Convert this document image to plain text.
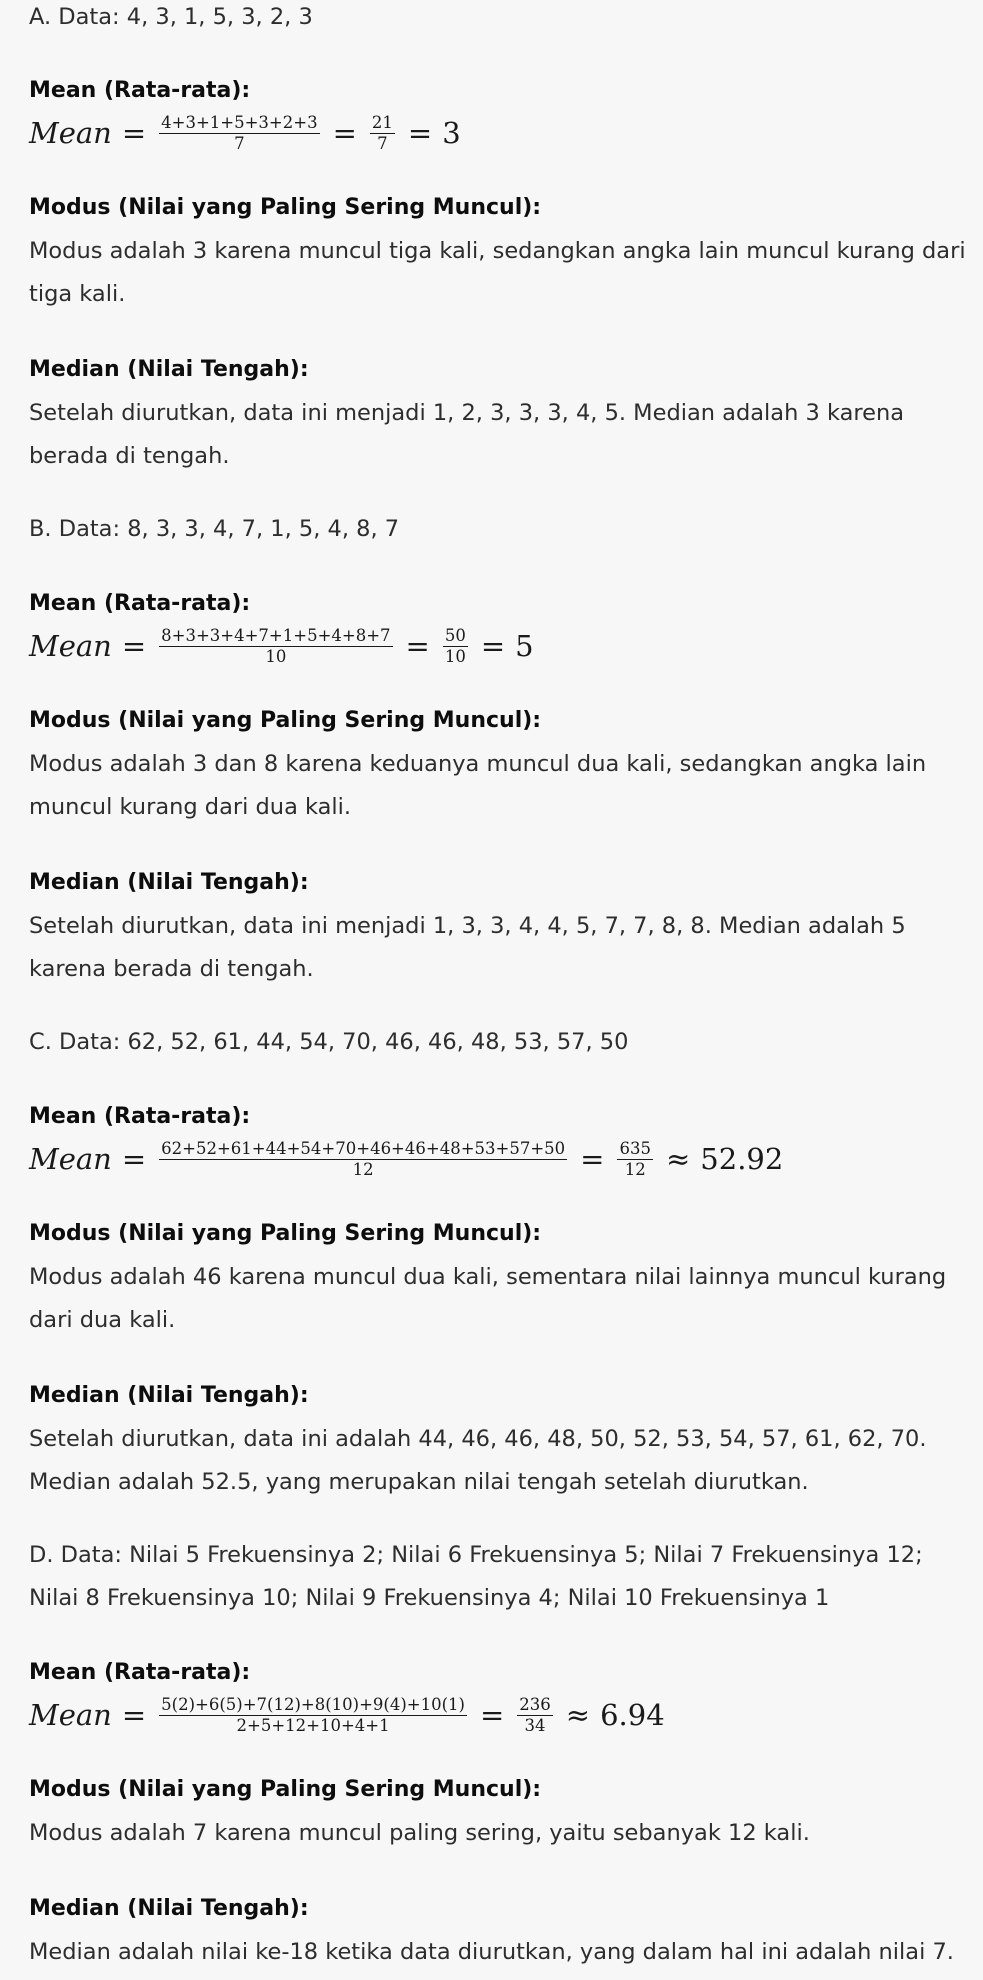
A. Data: 4, 3, 1, 5, 3, 2, 3
Mean (Rata-rata):
Mean = $\frac{4+3+1+5+3+2+3}{7} = \frac{21}{7} = 3$
Modus (Nilai yang Paling Sering Muncul):
Modus adalah 3 karena muncul tiga kali, sedangkan angka lain muncul kurang dari tiga kali.
Median (Nilai Tengah):
Setelah diurutkan, data ini menjadi 1, 2, 3, 3, 3, 4, 5. Median adalah 3 karena berada di tengah.
B. Data: 8, 3, 3, 4, 7, 1, 5, 4, 8, 7
Mean (Rata-rata):
Mean = $\frac{8+3+3+4+7+1+5+4+8+7}{10} = \frac{50}{10} = 5$
Modus (Nilai yang Paling Sering Muncul):
Modus adalah 3 dan 8 karena keduanya muncul dua kali, sedangkan angka lain muncul kurang dari dua kali.
Median (Nilai Tengah):
Setelah diurutkan, data ini menjadi 1, 3, 3, 4, 4, 5, 7, 7, 8, 8. Median adalah 5 karena berada di tengah.
C. Data: 62, 52, 61, 44, 54, 70, 46, 46, 48, 53, 57, 50
Mean (Rata-rata):
Mean = $\frac{62+52+61+44+54+70+46+46+48+53+57+50}{12} = \frac{635}{12} \approx 52.92$
Modus (Nilai yang Paling Sering Muncul):
Modus adalah 46 karena muncul dua kali, sementara nilai lainnya muncul kurang dari dua kali.
Median (Nilai Tengah):
Setelah diurutkan, data ini adalah 44, 46, 46, 48, 50, 52, 53, 54, 57, 61, 62, 70. Median adalah 52.5, yang merupakan nilai tengah setelah diurutkan.
D. Data: Nilai 5 Frekuensinya 2; Nilai 6 Frekuensinya 5; Nilai 7 Frekuensinya 12; Nilai 8 Frekuensinya 10; Nilai 9 Frekuensinya 4; Nilai 10 Frekuensinya 1
Mean (Rata-rata):
Mean = $\frac{5(2)+6(5)+7(12)+8(10)+9(4)+10(1)}{2+5+12+10+4+1} = \frac{236}{34} \approx 6.94$
Modus (Nilai yang Paling Sering Muncul):
Modus adalah 7 karena muncul paling sering, yaitu sebanyak 12 kali.
Median (Nilai Tengah):
Median adalah nilai ke-18 ketika data diurutkan, yang dalam hal ini adalah nilai 7.
